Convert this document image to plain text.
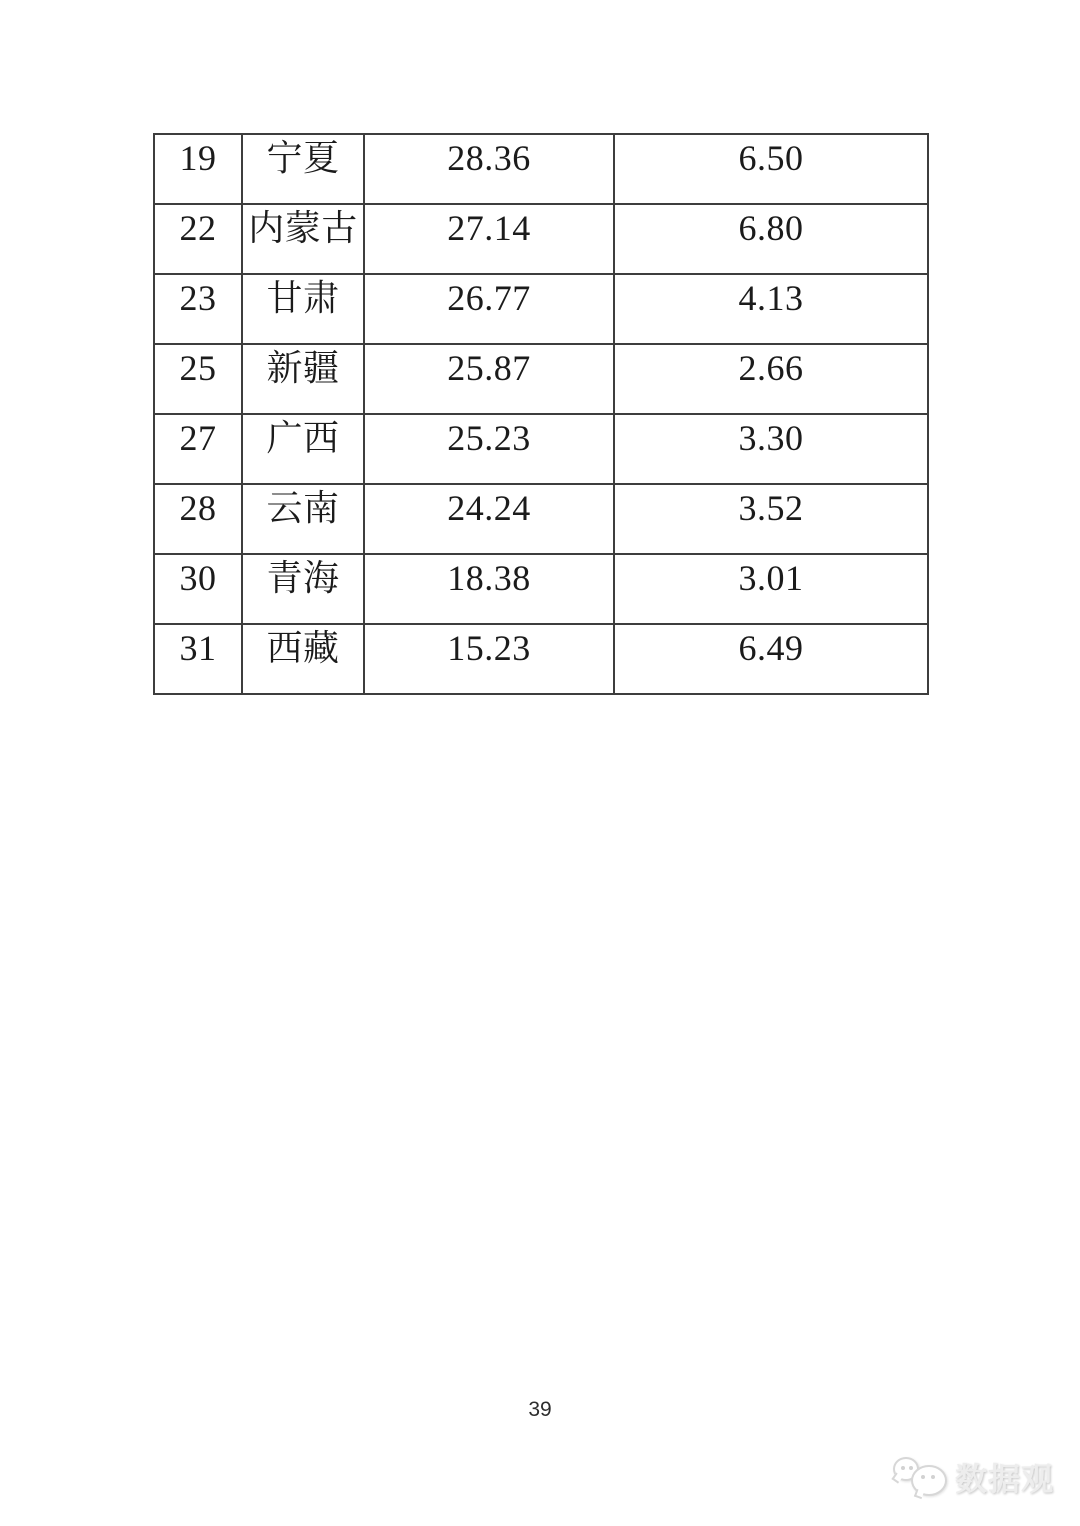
19	宁夏	28.36	6.50
22	内蒙古	27.14	6.80
23	甘肃	26.77	4.13
25	新疆	25.87	2.66
27	广西	25.23	3.30
28	云南	24.24	3.52
30	青海	18.38	3.01
31	西藏	15.23	6.49
39
数据观
